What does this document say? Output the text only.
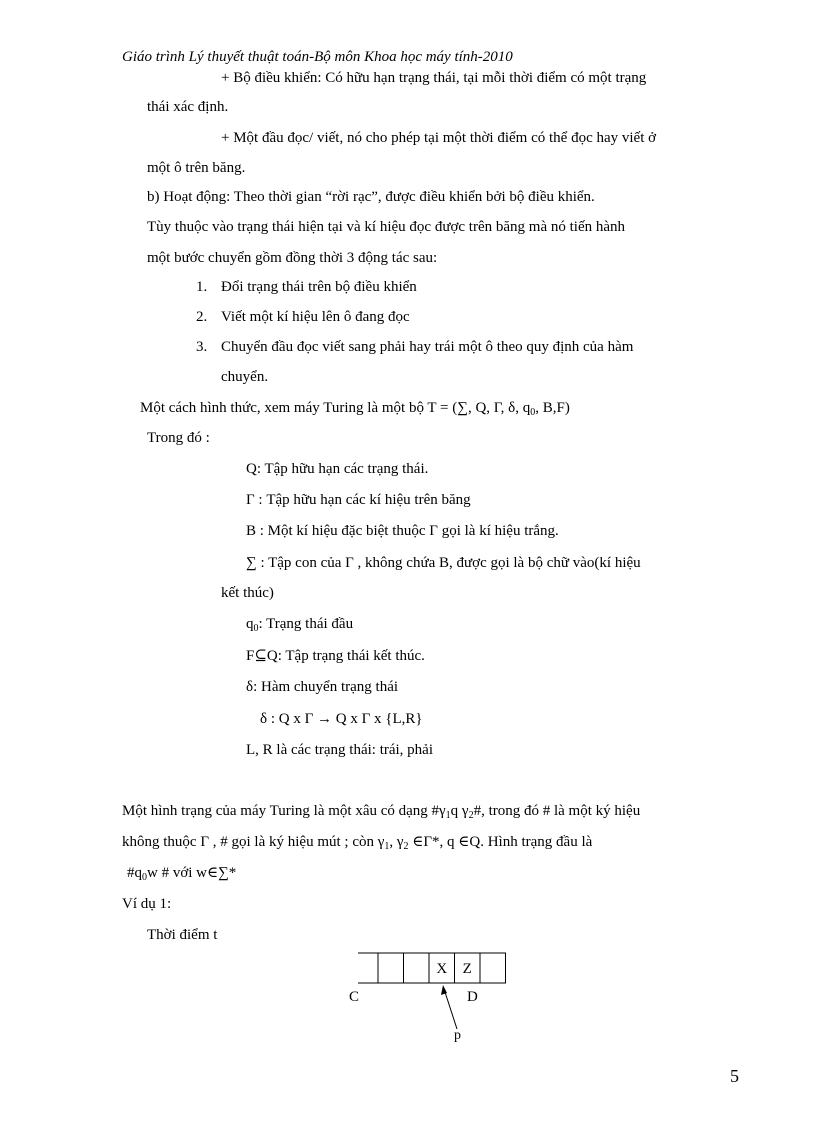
Giáo trình Lý thuyết thuật toán-Bộ môn Khoa học máy tính-2010
+ Bộ điều khiển: Có hữu hạn trạng thái, tại mỗi thời điểm có một trạng
thái xác định.
+ Một đầu đọc/ viết, nó cho phép tại một thời điểm có thể đọc hay viết ở
một ô trên băng.
b) Hoạt động: Theo thời gian “rời rạc”, được điều khiển bởi bộ điều khiển.
Tùy thuộc vào trạng thái hiện tại và kí hiệu đọc được trên băng mà nó tiến hành
một bước chuyển gồm đồng thời 3 động tác sau:
1. Đổi trạng thái trên bộ điều khiển
2. Viết một kí hiệu lên ô đang đọc
3. Chuyển đầu đọc viết sang phải hay trái một ô theo quy định của hàm
chuyển.
Một cách hình thức, xem máy Turing là một bộ T = (∑, Q, Γ, δ, $q_0$, B,F)
Trong đó :
Q: Tập hữu hạn các trạng thái.
Γ : Tập hữu hạn các kí hiệu trên băng
B : Một kí hiệu đặc biệt thuộc Γ gọi là kí hiệu trắng.
∑ : Tập con của Γ , không chứa B, được gọi là bộ chữ vào(kí hiệu
kết thúc)
$q_0$: Trạng thái đầu
F⊆Q: Tập trạng thái kết thúc.
δ: Hàm chuyển trạng thái
δ : Q x Γ → Q x Γ x {L,R}
L, R là các trạng thái: trái, phải
Một hình trạng của máy Turing là một xâu có dạng $\#\gamma_1q$ $\gamma_2\#$, trong đó # là một ký hiệu
không thuộc Γ , # gọi là ký hiệu mút ; còn $\gamma_1$, $\gamma_2$ ∈Γ*, q ∈Q. Hình trạng đầu là
$\#q_0w$ # với w∈∑*
Ví dụ 1:
Thời điểm t
X Z
C	D
p
5
